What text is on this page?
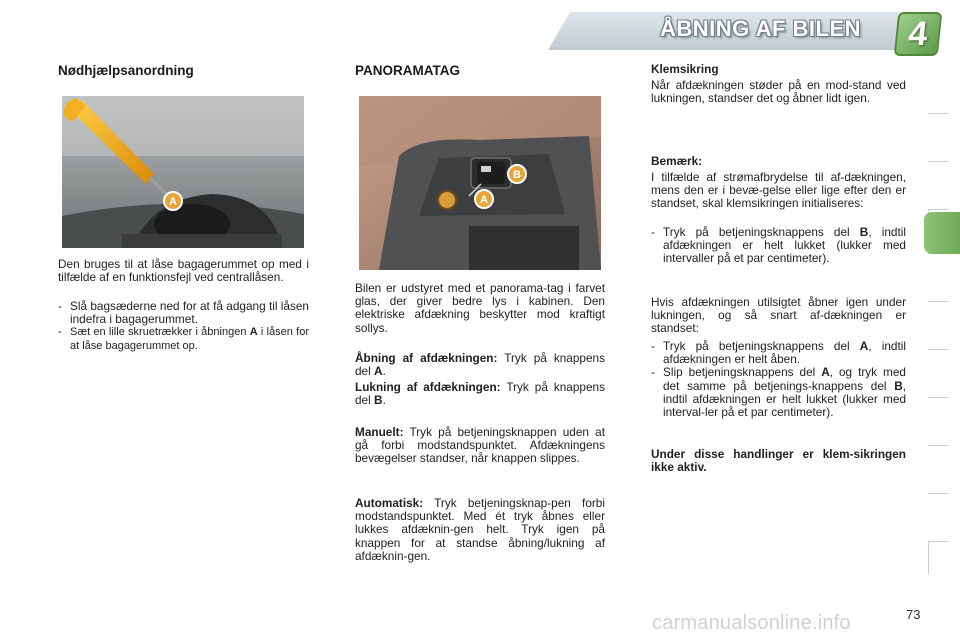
ÅBNING AF BILEN	4
Nødhjælpsanordning
A
Den bruges til at låse bagagerummet op med i tilfælde af en funktionsfejl ved centrallåsen.
- Slå bagsæderne ned for at få adgang til låsen indefra i bagagerummet.
- Sæt en lille skruetrækker i åbningen A i låsen for at låse bagagerummet op.
PANORAMATAG
A
B
Bilen er udstyret med et panorama-tag i farvet glas, der giver bedre lys i kabinen. Den elektriske afdækning beskytter mod kraftigt sollys.
Åbning af afdækningen: Tryk på knappens del A.
Lukning af afdækningen: Tryk på knappens del B.
Manuelt: Tryk på betjeningsknappen uden at gå forbi modstandspunktet. Afdækningens bevægelser standser, når knappen slippes.
Automatisk: Tryk betjeningsknap-pen forbi modstandspunktet. Med ét tryk åbnes eller lukkes afdæknin-gen helt. Tryk igen på knappen for at standse åbning/lukning af afdæknin-gen.
Klemsikring
Når afdækningen støder på en mod-stand ved lukningen, standser det og åbner lidt igen.
Bemærk:
I tilfælde af strømafbrydelse til af-dækningen, mens den er i bevæ-gelse eller lige efter den er standset, skal klemsikringen initialiseres:
- Tryk på betjeningsknappens del B, indtil afdækningen er helt lukket (lukker med intervaller på et par centimeter).
Hvis afdækningen utilsigtet åbner igen under lukningen, og så snart af-dækningen er standset:
- Tryk på betjeningsknappens del A, indtil afdækningen er helt åben.
- Slip betjeningsknappens del A, og tryk med det samme på betjenings-knappens del B, indtil afdækningen er helt lukket (lukker med interval-ler på et par centimeter).
Under disse handlinger er klem-sikringen ikke aktiv.
73
carmanualsonline.info
